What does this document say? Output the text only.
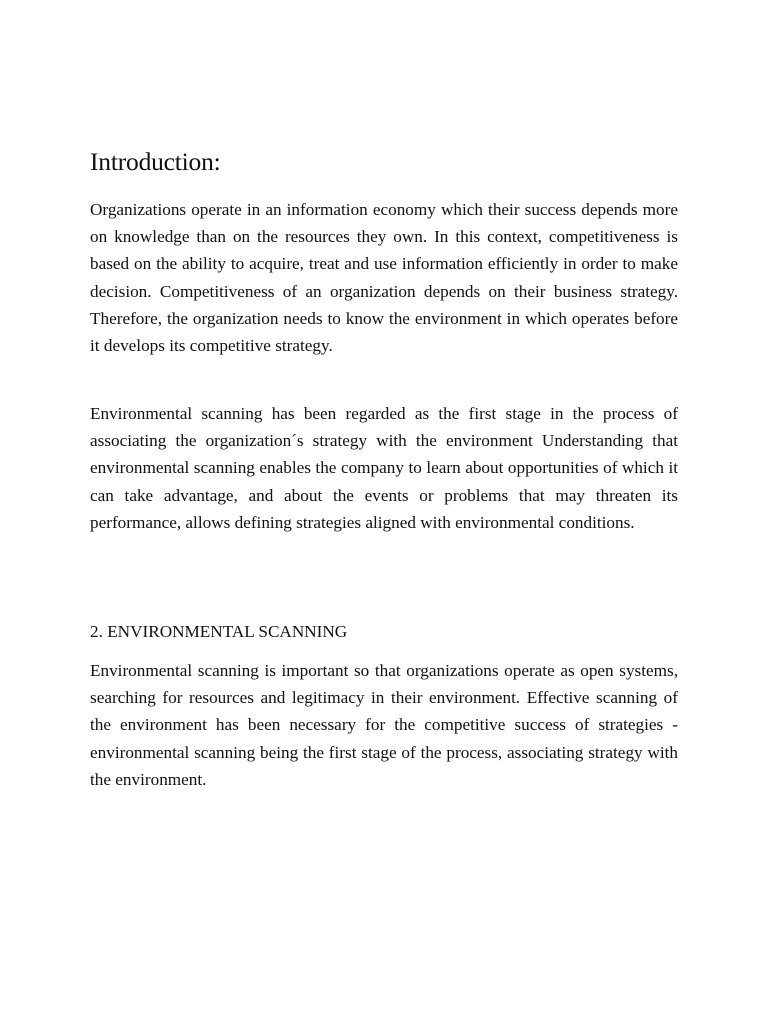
Introduction:

Organizations operate in an information economy which their success depends more on knowledge than on the resources they own. In this context, competitiveness is based on the ability to acquire, treat and use information efficiently in order to make decision. Competitiveness of an organization depends on their business strategy. Therefore, the organization needs to know the environment in which operates before it develops its competitive strategy.

Environmental scanning has been regarded as the first stage in the process of associating the organization´s strategy with the environment Understanding that environmental scanning enables the company to learn about opportunities of which it can take advantage, and about the events or problems that may threaten its performance, allows defining strategies aligned with environmental conditions.

2. ENVIRONMENTAL SCANNING

Environmental scanning is important so that organizations operate as open systems, searching for resources and legitimacy in their environment. Effective scanning of the environment has been necessary for the competitive success of strategies - environmental scanning being the first stage of the process, associating strategy with the environment.
